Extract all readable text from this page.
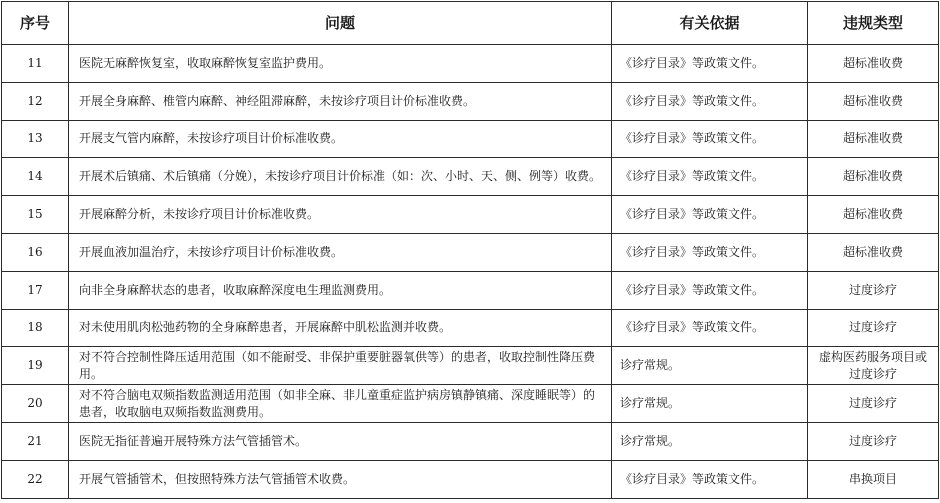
序号	问题	有关依据	违规类型
11	医院无麻醉恢复室，收取麻醉恢复室监护费用。	《诊疗目录》等政策文件。	超标准收费
12	开展全身麻醉、椎管内麻醉、神经阻滞麻醉，未按诊疗项目计价标准收费。	《诊疗目录》等政策文件。	超标准收费
13	开展支气管内麻醉，未按诊疗项目计价标准收费。	《诊疗目录》等政策文件。	超标准收费
14	开展术后镇痛、术后镇痛（分娩），未按诊疗项目计价标准（如：次、小时、天、侧、例等）收费。	《诊疗目录》等政策文件。	超标准收费
15	开展麻醉分析，未按诊疗项目计价标准收费。	《诊疗目录》等政策文件。	超标准收费
16	开展血液加温治疗，未按诊疗项目计价标准收费。	《诊疗目录》等政策文件。	超标准收费
17	向非全身麻醉状态的患者，收取麻醉深度电生理监测费用。	《诊疗目录》等政策文件。	过度诊疗
18	对未使用肌肉松弛药物的全身麻醉患者，开展麻醉中肌松监测并收费。	《诊疗目录》等政策文件。	过度诊疗
19	对不符合控制性降压适用范围（如不能耐受、非保护重要脏器氧供等）的患者，收取控制性降压费用。	诊疗常规。	虚构医药服务项目或过度诊疗
20	对不符合脑电双频指数监测适用范围（如非全麻、非儿童重症监护病房镇静镇痛、深度睡眠等）的患者，收取脑电双频指数监测费用。	诊疗常规。	过度诊疗
21	医院无指征普遍开展特殊方法气管插管术。	诊疗常规。	过度诊疗
22	开展气管插管术，但按照特殊方法气管插管术收费。	《诊疗目录》等政策文件。	串换项目
